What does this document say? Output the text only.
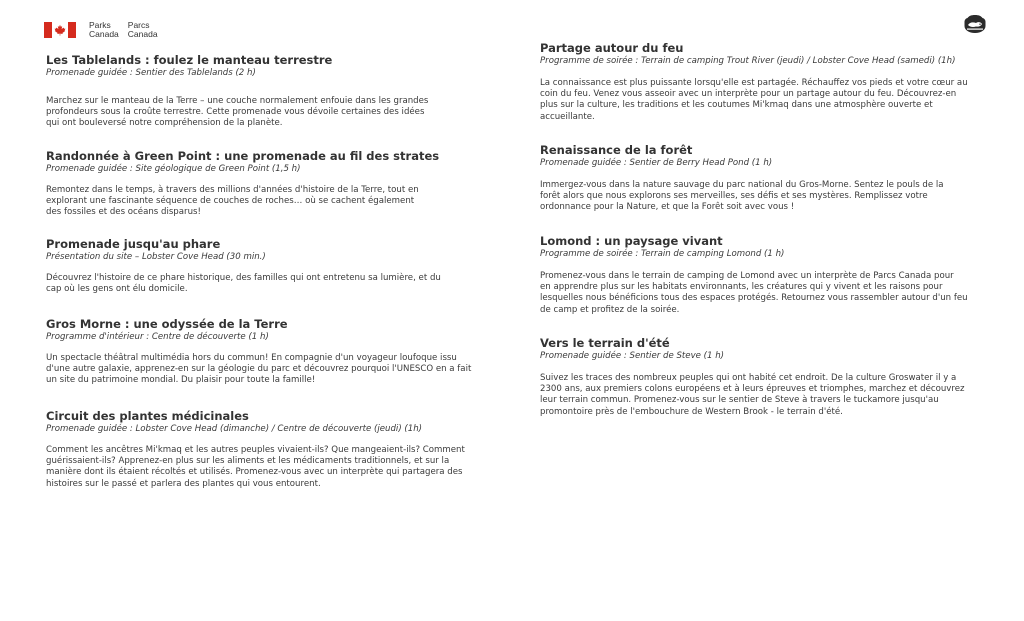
Parks	Parcs
Canada Canada

Les Tablelands : foulez le manteau terrestre

Promenade guidée : Sentier des Tablelands (2 h)

Marchez sur le manteau de la Terre – une couche normalement enfouie dans les grandes

profondeurs sous la croûte terrestre. Cette promenade vous dévoile certaines des idées

qui ont bouleversé notre compréhension de la planète.

Randonnée à Green Point : une promenade au fil des strates

Promenade guidée : Site géologique de Green Point (1,5 h)

Remontez dans le temps, à travers des millions d'années d'histoire de la Terre, tout en

explorant une fascinante séquence de couches de roches… où se cachent également

des fossiles et des océans disparus!

Promenade jusqu'au phare

Présentation du site – Lobster Cove Head (30 min.)

Découvrez l'histoire de ce phare historique, des familles qui ont entretenu sa lumière, et du

cap où les gens ont élu domicile.

Gros Morne : une odyssée de la Terre

Programme d'intérieur : Centre de découverte (1 h)

Un spectacle théâtral multimédia hors du commun! En compagnie d'un voyageur loufoque issu

d'une autre galaxie, apprenez-en sur la géologie du parc et découvrez pourquoi l'UNESCO en a fait

un site du patrimoine mondial. Du plaisir pour toute la famille!

Circuit des plantes médicinales

Promenade guidée : Lobster Cove Head (dimanche) / Centre de découverte (jeudi) (1h)

Comment les ancêtres Mi'kmaq et les autres peuples vivaient-ils? Que mangeaient-ils? Comment

guérissaient-ils? Apprenez-en plus sur les aliments et les médicaments traditionnels, et sur la

manière dont ils étaient récoltés et utilisés. Promenez-vous avec un interprète qui partagera des

histoires sur le passé et parlera des plantes qui vous entourent.

Partage autour du feu

Programme de soirée : Terrain de camping Trout River (jeudi) / Lobster Cove Head (samedi) (1h)

La connaissance est plus puissante lorsqu'elle est partagée. Réchauffez vos pieds et votre cœur au

coin du feu. Venez vous asseoir avec un interprète pour un partage autour du feu. Découvrez-en

plus sur la culture, les traditions et les coutumes Mi'kmaq dans une atmosphère ouverte et

accueillante.

Renaissance de la forêt

Promenade guidée : Sentier de Berry Head Pond (1 h)

Immergez-vous dans la nature sauvage du parc national du Gros-Morne. Sentez le pouls de la

forêt alors que nous explorons ses merveilles, ses défis et ses mystères. Remplissez votre

ordonnance pour la Nature, et que la Forêt soit avec vous !

Lomond : un paysage vivant

Programme de soirée : Terrain de camping Lomond (1 h)

Promenez-vous dans le terrain de camping de Lomond avec un interprète de Parcs Canada pour

en apprendre plus sur les habitats environnants, les créatures qui y vivent et les raisons pour

lesquelles nous bénéficions tous des espaces protégés. Retournez vous rassembler autour d'un feu

de camp et profitez de la soirée.

Vers le terrain d'été

Promenade guidée : Sentier de Steve (1 h)

Suivez les traces des nombreux peuples qui ont habité cet endroit. De la culture Groswater il y a

2300 ans, aux premiers colons européens et à leurs épreuves et triomphes, marchez et découvrez

leur terrain commun. Promenez-vous sur le sentier de Steve à travers le tuckamore jusqu'au

promontoire près de l'embouchure de Western Brook - le terrain d'été.
